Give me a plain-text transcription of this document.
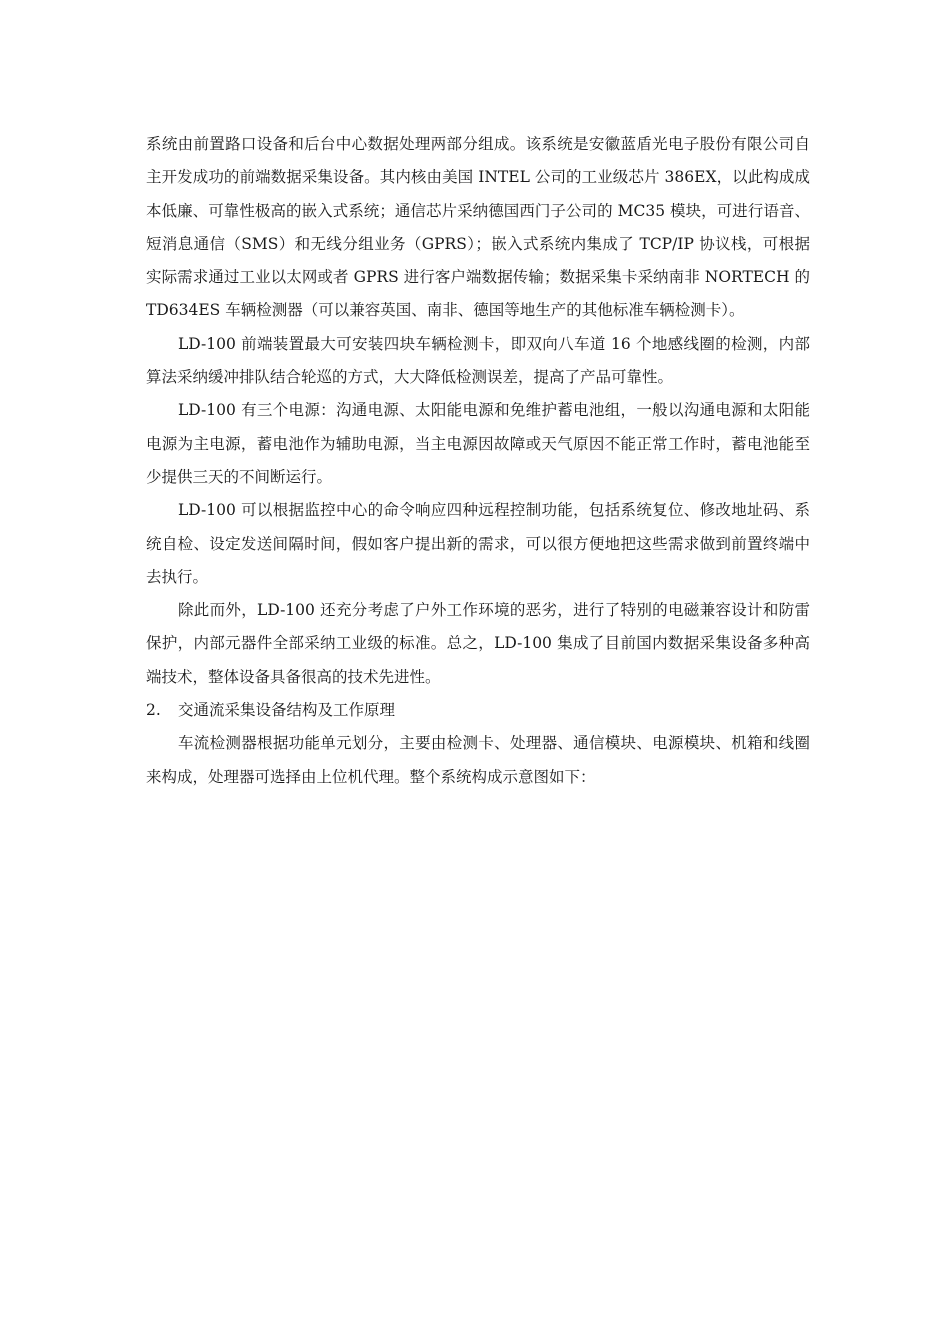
系统由前置路口设备和后台中心数据处理两部分组成。该系统是安徽蓝盾光电子股份有限公司自主开发成功的前端数据采集设备。其内核由美国 INTEL 公司的工业级芯片 386EX，以此构成成本低廉、可靠性极高的嵌入式系统；通信芯片采纳德国西门子公司的 MC35 模块，可进行语音、短消息通信（SMS）和无线分组业务（GPRS）；嵌入式系统内集成了 TCP/IP 协议栈，可根据实际需求通过工业以太网或者 GPRS 进行客户端数据传输；数据采集卡采纳南非 NORTECH 的 TD634ES 车辆检测器（可以兼容英国、南非、德国等地生产的其他标准车辆检测卡）。

LD-100 前端装置最大可安装四块车辆检测卡，即双向八车道 16 个地感线圈的检测，内部算法采纳缓冲排队结合轮巡的方式，大大降低检测误差，提高了产品可靠性。

LD-100 有三个电源：沟通电源、太阳能电源和免维护蓄电池组，一般以沟通电源和太阳能电源为主电源，蓄电池作为辅助电源，当主电源因故障或天气原因不能正常工作时，蓄电池能至少提供三天的不间断运行。

LD-100 可以根据监控中心的命令响应四种远程控制功能，包括系统复位、修改地址码、系统自检、设定发送间隔时间，假如客户提出新的需求，可以很方便地把这些需求做到前置终端中去执行。

除此而外，LD-100 还充分考虑了户外工作环境的恶劣，进行了特别的电磁兼容设计和防雷保护，内部元器件全部采纳工业级的标准。总之，LD-100 集成了目前国内数据采集设备多种高端技术，整体设备具备很高的技术先进性。

2.	交通流采集设备结构及工作原理

车流检测器根据功能单元划分，主要由检测卡、处理器、通信模块、电源模块、机箱和线圈来构成，处理器可选择由上位机代理。整个系统构成示意图如下：
